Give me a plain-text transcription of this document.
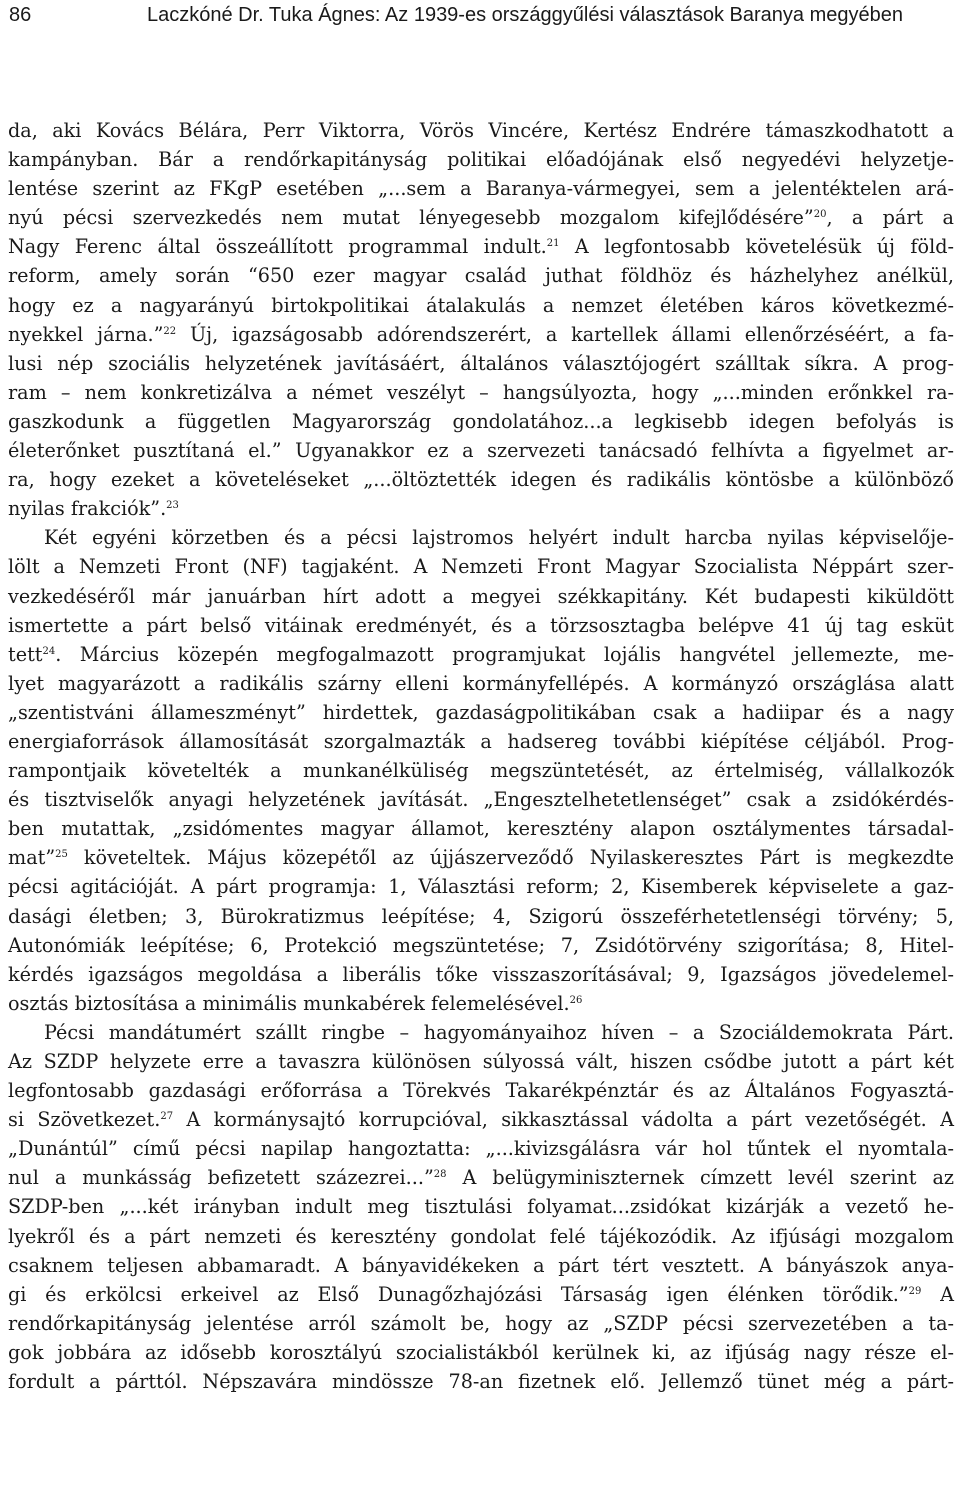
86	Laczkóné Dr. Tuka Ágnes: Az 1939-es országgyűlési választások Baranya megyében
da, aki Kovács Bélára, Perr Viktorra, Vörös Vincére, Kertész Endrére támaszkodhatott a
kampányban. Bár a rendőrkapitányság politikai előadójának első negyedévi helyzetje-
lentése szerint az FKgP esetében „...sem a Baranya-vármegyei, sem a jelentéktelen ará-
nyú pécsi szervezkedés nem mutat lényegesebb mozgalom kifejlődésére”$^{20}$, a párt a
Nagy Ferenc által összeállított programmal indult.$^{21}$ A legfontosabb követelésük új föld-
reform, amely során “650 ezer magyar család juthat földhöz és házhelyhez anélkül,
hogy ez a nagyarányú birtokpolitikai átalakulás a nemzet életében káros következmé-
nyekkel járna.”$^{22}$ Új, igazságosabb adórendszerért, a kartellek állami ellenőrzéséért, a fa-
lusi nép szociális helyzetének javításáért, általános választójogért szálltak síkra. A prog-
ram – nem konkretizálva a német veszélyt – hangsúlyozta, hogy „...minden erőnkkel ra-
gaszkodunk a független Magyarország gondolatához...a legkisebb idegen befolyás is
életerőnket pusztítaná el.” Ugyanakkor ez a szervezeti tanácsadó felhívta a figyelmet ar-
ra, hogy ezeket a követeléseket „...öltöztették idegen és radikális köntösbe a különböző
nyilas frakciók”.$^{23}$
Két egyéni körzetben és a pécsi lajstromos helyért indult harcba nyilas képviselője-
lölt a Nemzeti Front (NF) tagjaként. A Nemzeti Front Magyar Szocialista Néppárt szer-
vezkedéséről már januárban hírt adott a megyei székkapitány. Két budapesti kiküldött
ismertette a párt belső vitáinak eredményét, és a törzsosztagba belépve 41 új tag esküt
tett$^{24}$. Március közepén megfogalmazott programjukat lojális hangvétel jellemezte, me-
lyet magyarázott a radikális szárny elleni kormányfellépés. A kormányzó országlása alatt
„szentistváni állameszményt” hirdettek, gazdaságpolitikában csak a hadiipar és a nagy
energiaforrások államosítását szorgalmazták a hadsereg további kiépítése céljából. Prog-
rampontjaik követelték a munkanélküliség megszüntetését, az értelmiség, vállalkozók
és tisztviselők anyagi helyzetének javítását. „Engesztelhetetlenséget” csak a zsidókérdés-
ben mutattak, „zsidómentes magyar államot, keresztény alapon osztálymentes társadal-
mat”$^{25}$ követeltek. Május közepétől az újjászerveződő Nyilaskeresztes Párt is megkezdte
pécsi agitációját. A párt programja: 1, Választási reform; 2, Kisemberek képviselete a gaz-
dasági életben; 3, Bürokratizmus leépítése; 4, Szigorú összeférhetetlenségi törvény; 5,
Autonómiák leépítése; 6, Protekció megszüntetése; 7, Zsidótörvény szigorítása; 8, Hitel-
kérdés igazságos megoldása a liberális tőke visszaszorításával; 9, Igazságos jövedelemel-
osztás biztosítása a minimális munkabérek felemelésével.$^{26}$
Pécsi mandátumért szállt ringbe – hagyományaihoz híven – a Szociáldemokrata Párt.
Az SZDP helyzete erre a tavaszra különösen súlyossá vált, hiszen csődbe jutott a párt két
legfontosabb gazdasági erőforrása a Törekvés Takarékpénztár és az Általános Fogyasztá-
si Szövetkezet.$^{27}$ A kormánysajtó korrupcióval, sikkasztással vádolta a párt vezetőségét. A
„Dunántúl” című pécsi napilap hangoztatta: „...kivizsgálásra vár hol tűntek el nyomtala-
nul a munkásság befizetett százezrei...”$^{28}$ A belügyminiszternek címzett levél szerint az
SZDP-ben „...két irányban indult meg tisztulási folyamat...zsidókat kizárják a vezető he-
lyekről és a párt nemzeti és keresztény gondolat felé tájékozódik. Az ifjúsági mozgalom
csaknem teljesen abbamaradt. A bányavidékeken a párt tért vesztett. A bányászok anya-
gi és erkölcsi erkeivel az Első Dunagőzhajózási Társaság igen élénken törődik.”$^{29}$ A
rendőrkapitányság jelentése arról számolt be, hogy az „SZDP pécsi szervezetében a ta-
gok jobbára az idősebb korosztályú szocialistákból kerülnek ki, az ifjúság nagy része el-
fordult a párttól. Népszavára mindössze 78-an fizetnek elő. Jellemző tünet még a párt-
